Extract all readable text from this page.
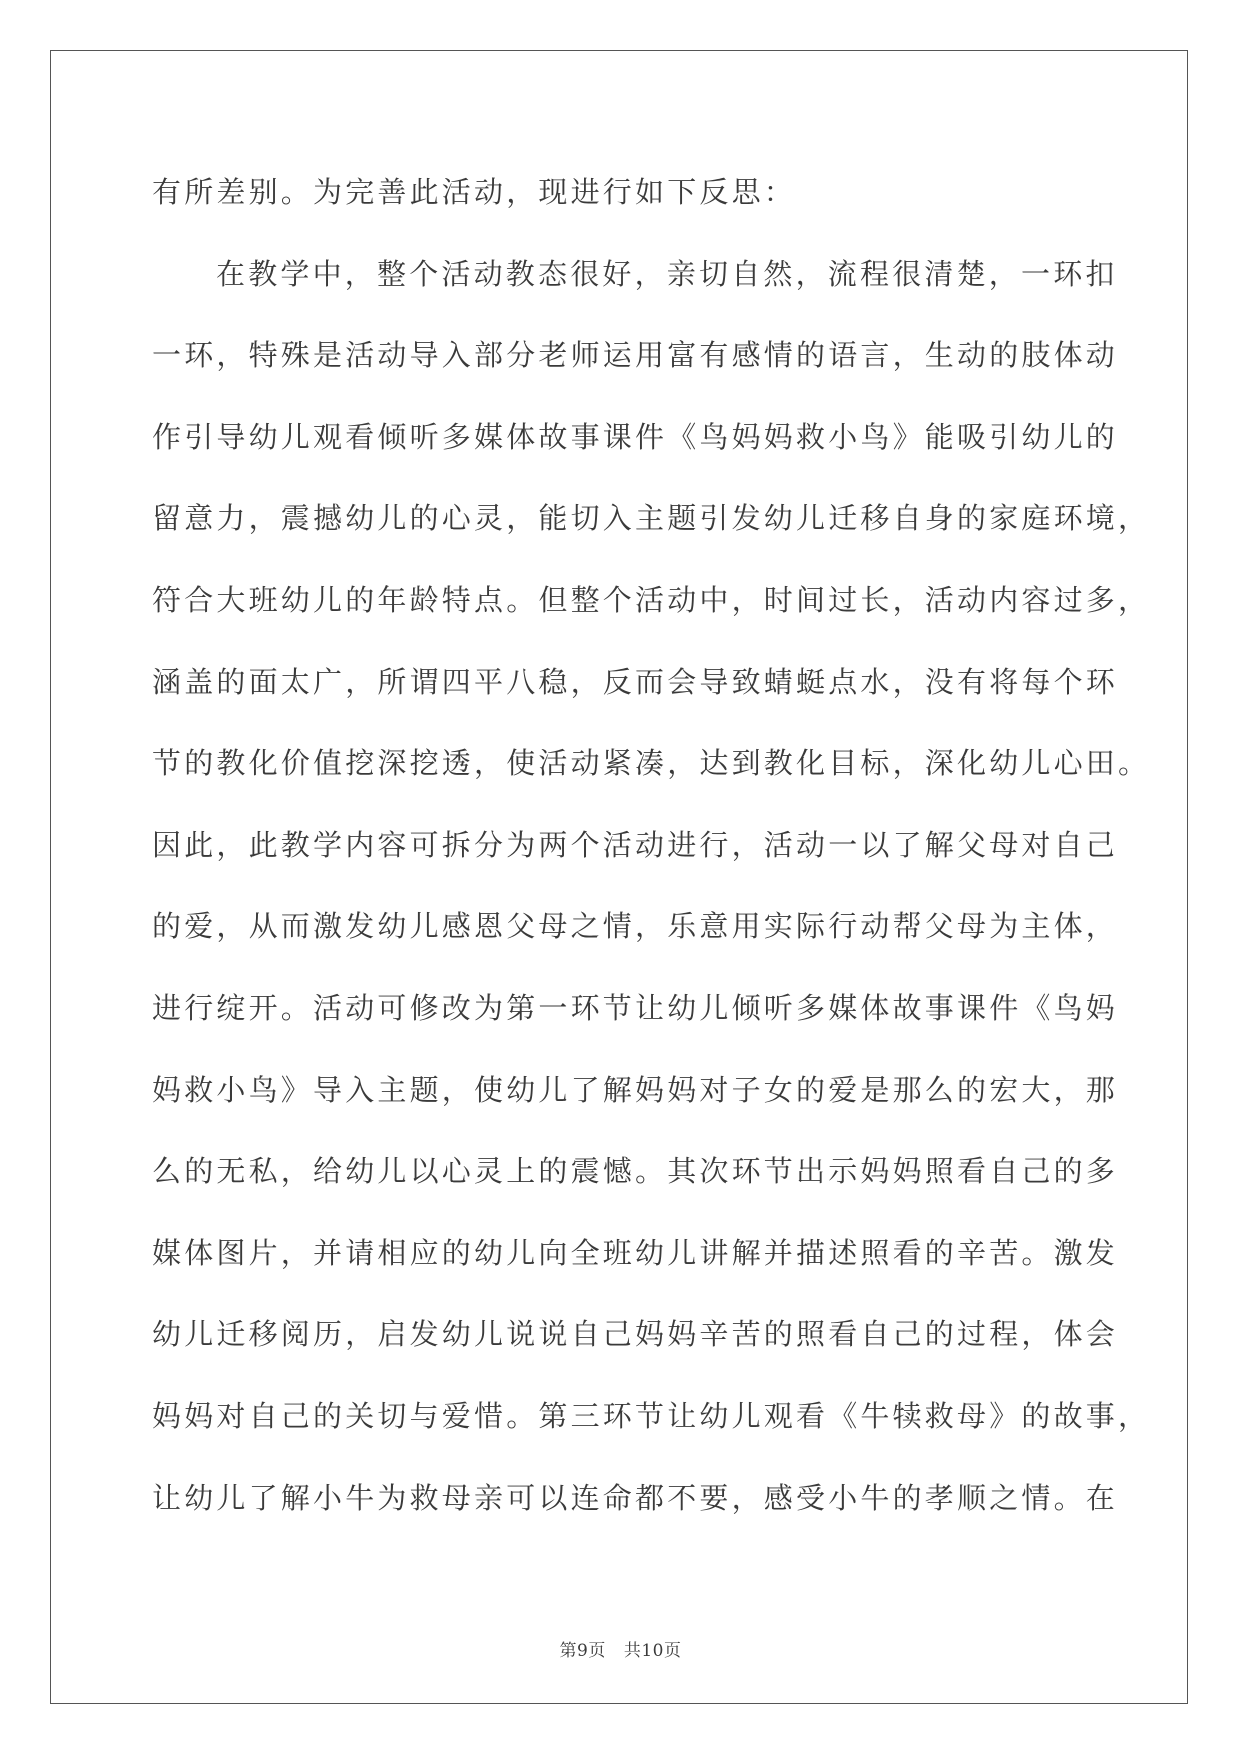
有所差别。为完善此活动，现进行如下反思：
在教学中，整个活动教态很好，亲切自然，流程很清楚，一环扣
一环，特殊是活动导入部分老师运用富有感情的语言，生动的肢体动
作引导幼儿观看倾听多媒体故事课件《鸟妈妈救小鸟》能吸引幼儿的
留意力，震撼幼儿的心灵，能切入主题引发幼儿迁移自身的家庭环境，
符合大班幼儿的年龄特点。但整个活动中，时间过长，活动内容过多，
涵盖的面太广，所谓四平八稳，反而会导致蜻蜓点水，没有将每个环
节的教化价值挖深挖透，使活动紧凑，达到教化目标，深化幼儿心田。
因此，此教学内容可拆分为两个活动进行，活动一以了解父母对自己
的爱，从而激发幼儿感恩父母之情，乐意用实际行动帮父母为主体，
进行绽开。活动可修改为第一环节让幼儿倾听多媒体故事课件《鸟妈
妈救小鸟》导入主题，使幼儿了解妈妈对子女的爱是那么的宏大，那
么的无私，给幼儿以心灵上的震憾。其次环节出示妈妈照看自己的多
媒体图片，并请相应的幼儿向全班幼儿讲解并描述照看的辛苦。激发
幼儿迁移阅历，启发幼儿说说自己妈妈辛苦的照看自己的过程，体会
妈妈对自己的关切与爱惜。第三环节让幼儿观看《牛犊救母》的故事，
让幼儿了解小牛为救母亲可以连命都不要，感受小牛的孝顺之情。在
第9页 共10页
